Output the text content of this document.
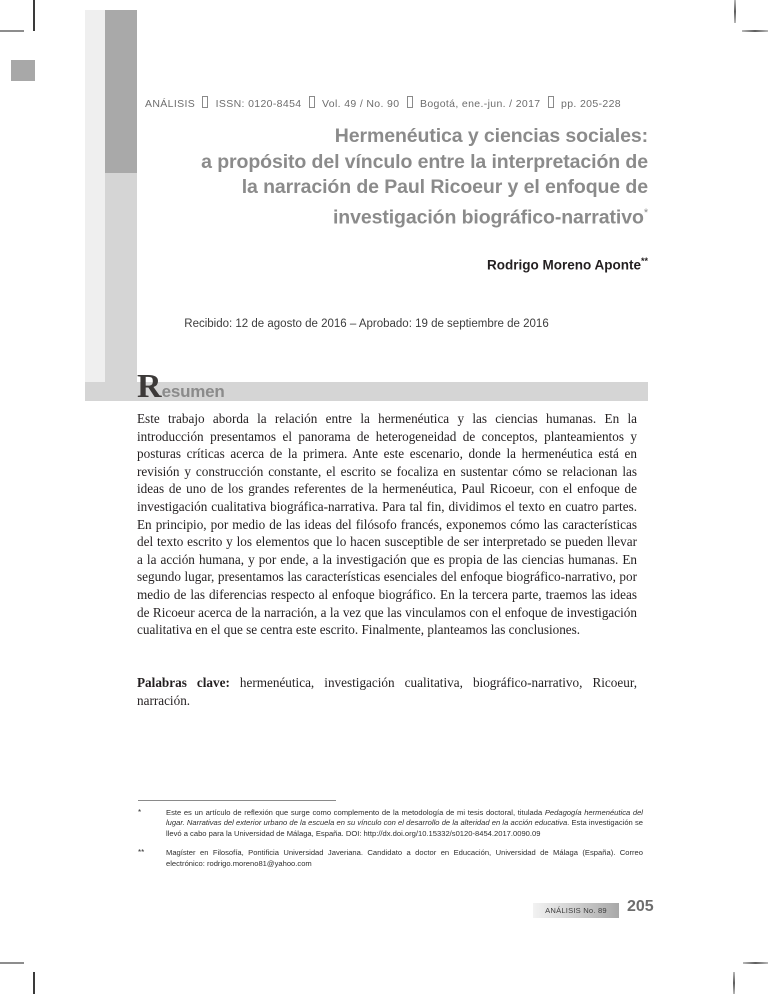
ANÁLISIS ISSN: 0120-8454 Vol. 49 / No. 90 Bogotá, ene.-jun. / 2017 pp. 205-228
Hermenéutica y ciencias sociales:
a propósito del vínculo entre la interpretación de
la narración de Paul Ricoeur y el enfoque de
investigación biográfico-narrativo*
Rodrigo Moreno Aponte**
Recibido: 12 de agosto de 2016 – Aprobado: 19 de septiembre de 2016
R esumen
Este trabajo aborda la relación entre la hermenéutica y las ciencias humanas. En la introducción presentamos el panorama de heterogeneidad de conceptos, planteamientos y posturas críticas acerca de la primera. Ante este escenario, donde la hermenéutica está en revisión y construcción constante, el escrito se focaliza en sustentar cómo se relacionan las ideas de uno de los grandes referentes de la hermenéutica, Paul Ricoeur, con el enfoque de investigación cualitativa biográfica-narrativa. Para tal fin, dividimos el texto en cuatro partes. En principio, por medio de las ideas del filósofo francés, exponemos cómo las características del texto escrito y los elementos que lo hacen susceptible de ser interpretado se pueden llevar a la acción humana, y por ende, a la investigación que es propia de las ciencias humanas. En segundo lugar, presentamos las características esenciales del enfoque biográfico-narrativo, por medio de las diferencias respecto al enfoque biográfico. En la tercera parte, traemos las ideas de Ricoeur acerca de la narración, a la vez que las vinculamos con el enfoque de investigación cualitativa en el que se centra este escrito. Finalmente, planteamos las conclusiones.
Palabras clave: hermenéutica, investigación cualitativa, biográfico-narrativo, Ricoeur, narración.
*	Este es un artículo de reflexión que surge como complemento de la metodología de mi tesis doctoral, titulada Pedagogía hermenéutica del lugar. Narrativas del exterior urbano de la escuela en su vínculo con el desarrollo de la alteridad en la acción educativa. Esta investigación se llevó a cabo para la Universidad de Málaga, España. DOI: http://dx.doi.org/10.15332/s0120-8454.2017.0090.09
**	Magíster en Filosofía, Pontificia Universidad Javeriana. Candidato a doctor en Educación, Universidad de Málaga (España). Correo electrónico: rodrigo.moreno81@yahoo.com
ANÁLISIS No. 89	205
